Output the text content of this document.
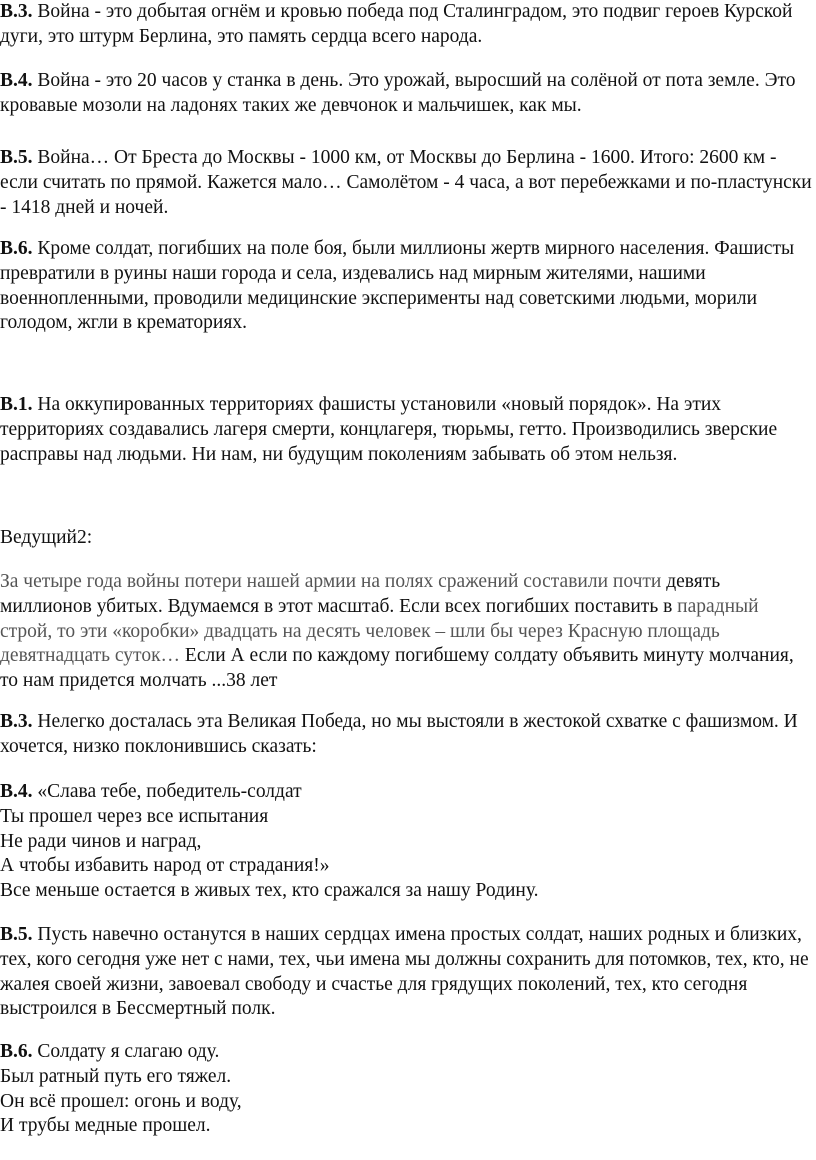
В.3. Война - это добытая огнём и кровью победа под Сталинградом, это подвиг героев Курской дуги, это штурм Берлина, это память сердца всего народа.

В.4. Война - это 20 часов у станка в день. Это урожай, выросший на солёной от пота земле. Это кровавые мозоли на ладонях таких же девчонок и мальчишек, как мы.

В.5. Война… От Бреста до Москвы - 1000 км, от Москвы до Берлина - 1600. Итого: 2600 км - если считать по прямой. Кажется мало… Самолётом - 4 часа, а вот перебежками и по-пластунски - 1418 дней и ночей.

В.6. Кроме солдат, погибших на поле боя, были миллионы жертв мирного населения. Фашисты превратили в руины наши города и села, издевались над мирным жителями, нашими военнопленными, проводили медицинские эксперименты над советскими людьми, морили голодом, жгли в крематориях.

В.1. На оккупированных территориях фашисты установили «новый порядок». На этих территориях создавались лагеря смерти, концлагеря, тюрьмы, гетто. Производились зверские расправы над людьми. Ни нам, ни будущим поколениям забывать об этом нельзя.

Ведущий2:

За четыре года войны потери нашей армии на полях сражений составили почти девять миллионов убитых. Вдумаемся в этот масштаб. Если всех погибших поставить в парадный строй, то эти «коробки» двадцать на десять человек – шли бы через Красную площадь девятнадцать суток… Если А если по каждому погибшему солдату объявить минуту молчания, то нам придется молчать ...38 лет

В.3. Нелегко досталась эта Великая Победа, но мы выстояли в жестокой схватке с фашизмом. И хочется, низко поклонившись сказать:

В.4. «Слава тебе, победитель-солдат
Ты прошел через все испытания
Не ради чинов и наград,
А чтобы избавить народ от страдания!»
Все меньше остается в живых тех, кто сражался за нашу Родину.

В.5. Пусть навечно останутся в наших сердцах имена простых солдат, наших родных и близких, тех, кого сегодня уже нет с нами, тех, чьи имена мы должны сохранить для потомков, тех, кто, не жалея своей жизни, завоевал свободу и счастье для грядущих поколений, тех, кто сегодня выстроился в Бессмертный полк.

В.6. Солдату я слагаю оду.
Был ратный путь его тяжел.
Он всё прошел: огонь и воду,
И трубы медные прошел.
